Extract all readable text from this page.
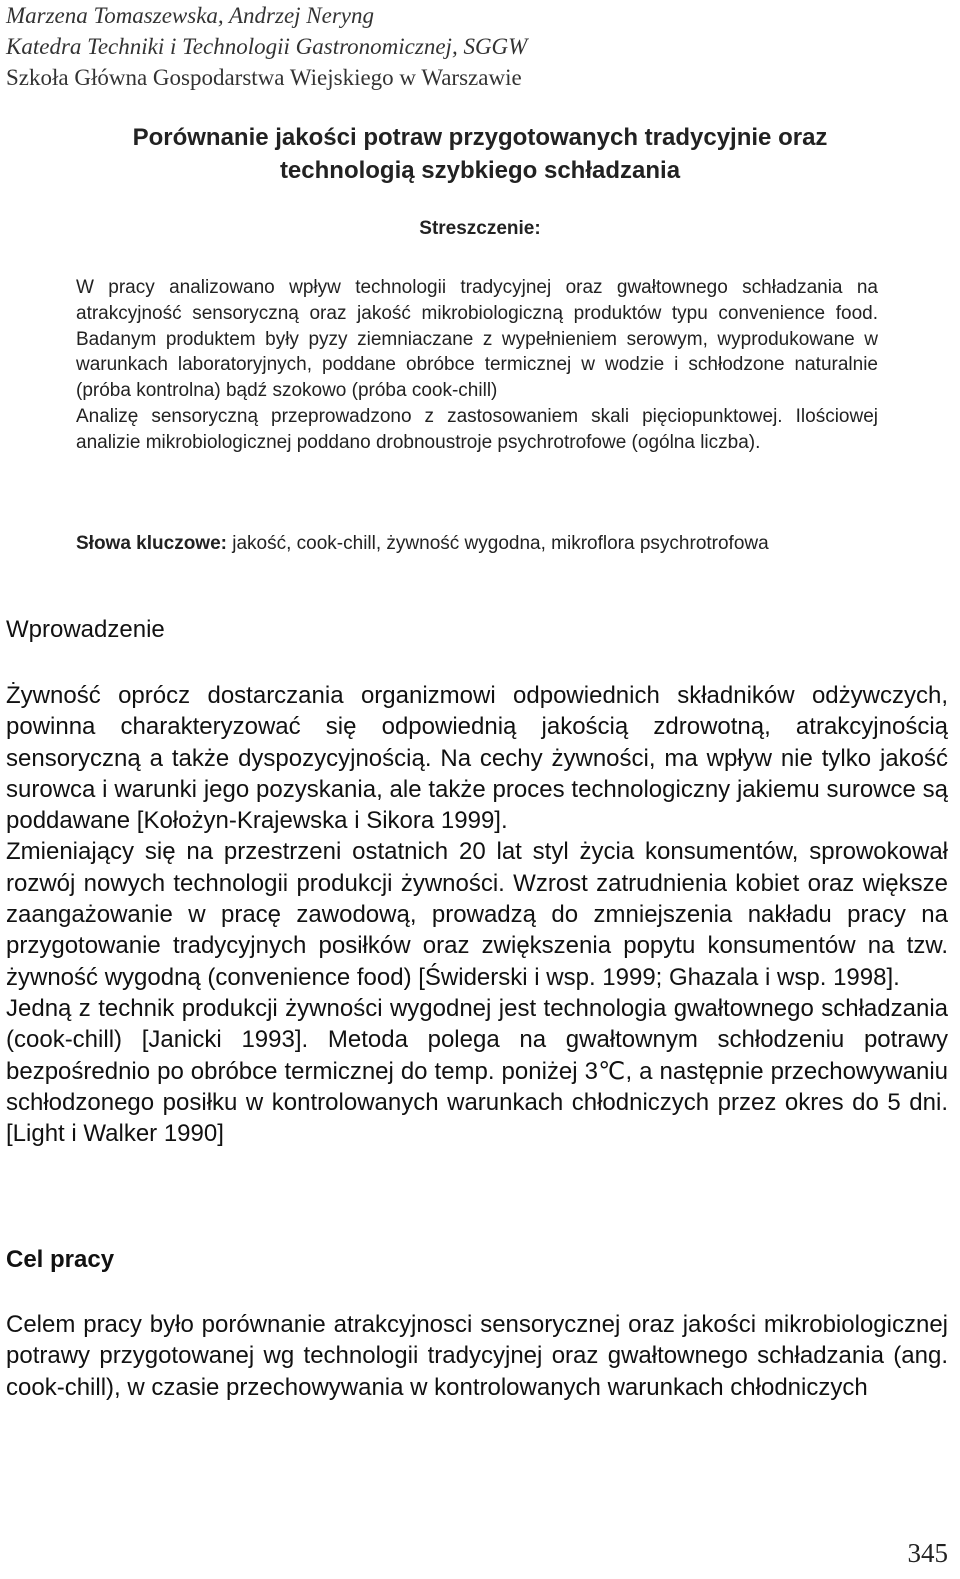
Marzena Tomaszewska, Andrzej Neryng
Katedra Techniki i Technologii Gastronomicznej, SGGW
Szkoła Główna Gospodarstwa Wiejskiego w Warszawie
Porównanie jakości potraw przygotowanych tradycyjnie oraz
technologią szybkiego schładzania
Streszczenie:

W pracy analizowano wpływ technologii tradycyjnej oraz gwałtownego schładzania na atrakcyjność sensoryczną oraz jakość mikrobiologiczną produktów typu convenience food. Badanym produktem były pyzy ziemniaczane z wypełnieniem serowym, wyprodukowane w warunkach laboratoryjnych, poddane obróbce termicznej w wodzie i schłodzone naturalnie (próba kontrolna) bądź szokowo (próba cook-chill)

Analizę sensoryczną przeprowadzono z zastosowaniem skali pięciopunktowej. Ilościowej analizie mikrobiologicznej poddano drobnoustroje psychrotrofowe (ogólna liczba).

Słowa kluczowe: jakość, cook-chill, żywność wygodna, mikroflora psychrotrofowa
Wprowadzenie

Żywność oprócz dostarczania organizmowi odpowiednich składników odżywczych, powinna charakteryzować się odpowiednią jakością zdrowotną, atrakcyjnością sensoryczną a także dyspozycyjnością. Na cechy żywności, ma wpływ nie tylko jakość surowca i warunki jego pozyskania, ale także proces technologiczny jakiemu surowce są poddawane [Kołożyn-Krajewska i Sikora 1999].

Zmieniający się na przestrzeni ostatnich 20 lat styl życia konsumentów, sprowokował rozwój nowych technologii produkcji żywności. Wzrost zatrudnienia kobiet oraz większe zaangażowanie w pracę zawodową, prowadzą do zmniejszenia nakładu pracy na przygotowanie tradycyjnych posiłków oraz zwiększenia popytu konsumentów na tzw. żywność wygodną (convenience food) [Świderski i wsp. 1999; Ghazala i wsp. 1998].

Jedną z technik produkcji żywności wygodnej jest technologia gwałtownego schładzania (cook-chill) [Janicki 1993]. Metoda polega na gwałtownym schłodzeniu potrawy bezpośrednio po obróbce termicznej do temp. poniżej 3℃, a następnie przechowywaniu schłodzonego posiłku w kontrolowanych warunkach chłodniczych przez okres do 5 dni. [Light i Walker 1990]

Cel pracy

Celem pracy było porównanie atrakcyjnosci sensorycznej oraz jakości mikrobiologicznej potrawy przygotowanej wg technologii tradycyjnej oraz gwałtownego schładzania (ang. cook-chill), w czasie przechowywania w kontrolowanych warunkach chłodniczych

345
